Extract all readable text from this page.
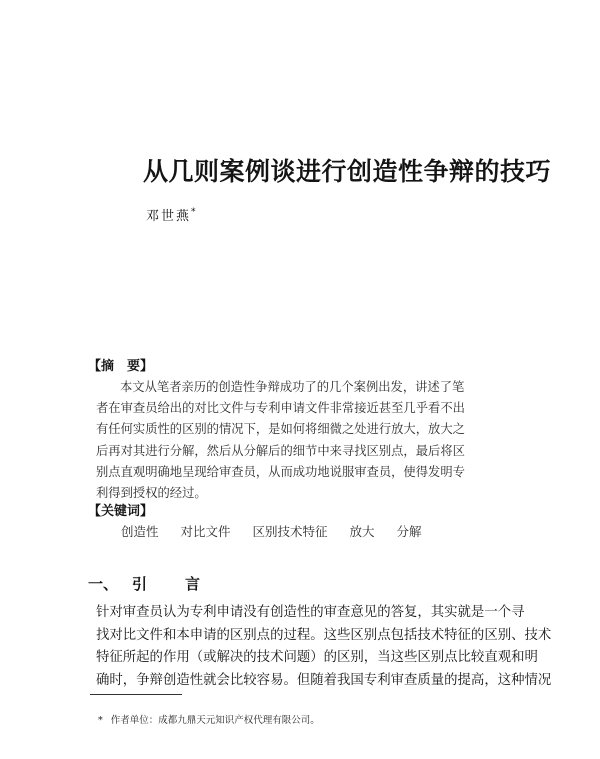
从几则案例谈进行创造性争辩的技巧
邓世燕*
【摘　要】
本文从笔者亲历的创造性争辩成功了的几个案例出发，讲述了笔
者在审查员给出的对比文件与专利申请文件非常接近甚至几乎看不出
有任何实质性的区别的情况下，是如何将细微之处进行放大，放大之
后再对其进行分解，然后从分解后的细节中来寻找区别点，最后将区
别点直观明确地呈现给审查员，从而成功地说服审查员，使得发明专
利得到授权的经过。
【关键词】
创造性 对比文件 区别技术特征 放大 分解
一、 引言
针对审查员认为专利申请没有创造性的审查意见的答复，其实就是一个寻
找对比文件和本申请的区别点的过程。这些区别点包括技术特征的区别、技术
特征所起的作用（或解决的技术问题）的区别，当这些区别点比较直观和明
确时，争辩创造性就会比较容易。但随着我国专利审查质量的提高，这种情况
* 作者单位：成都九鼎天元知识产权代理有限公司。
